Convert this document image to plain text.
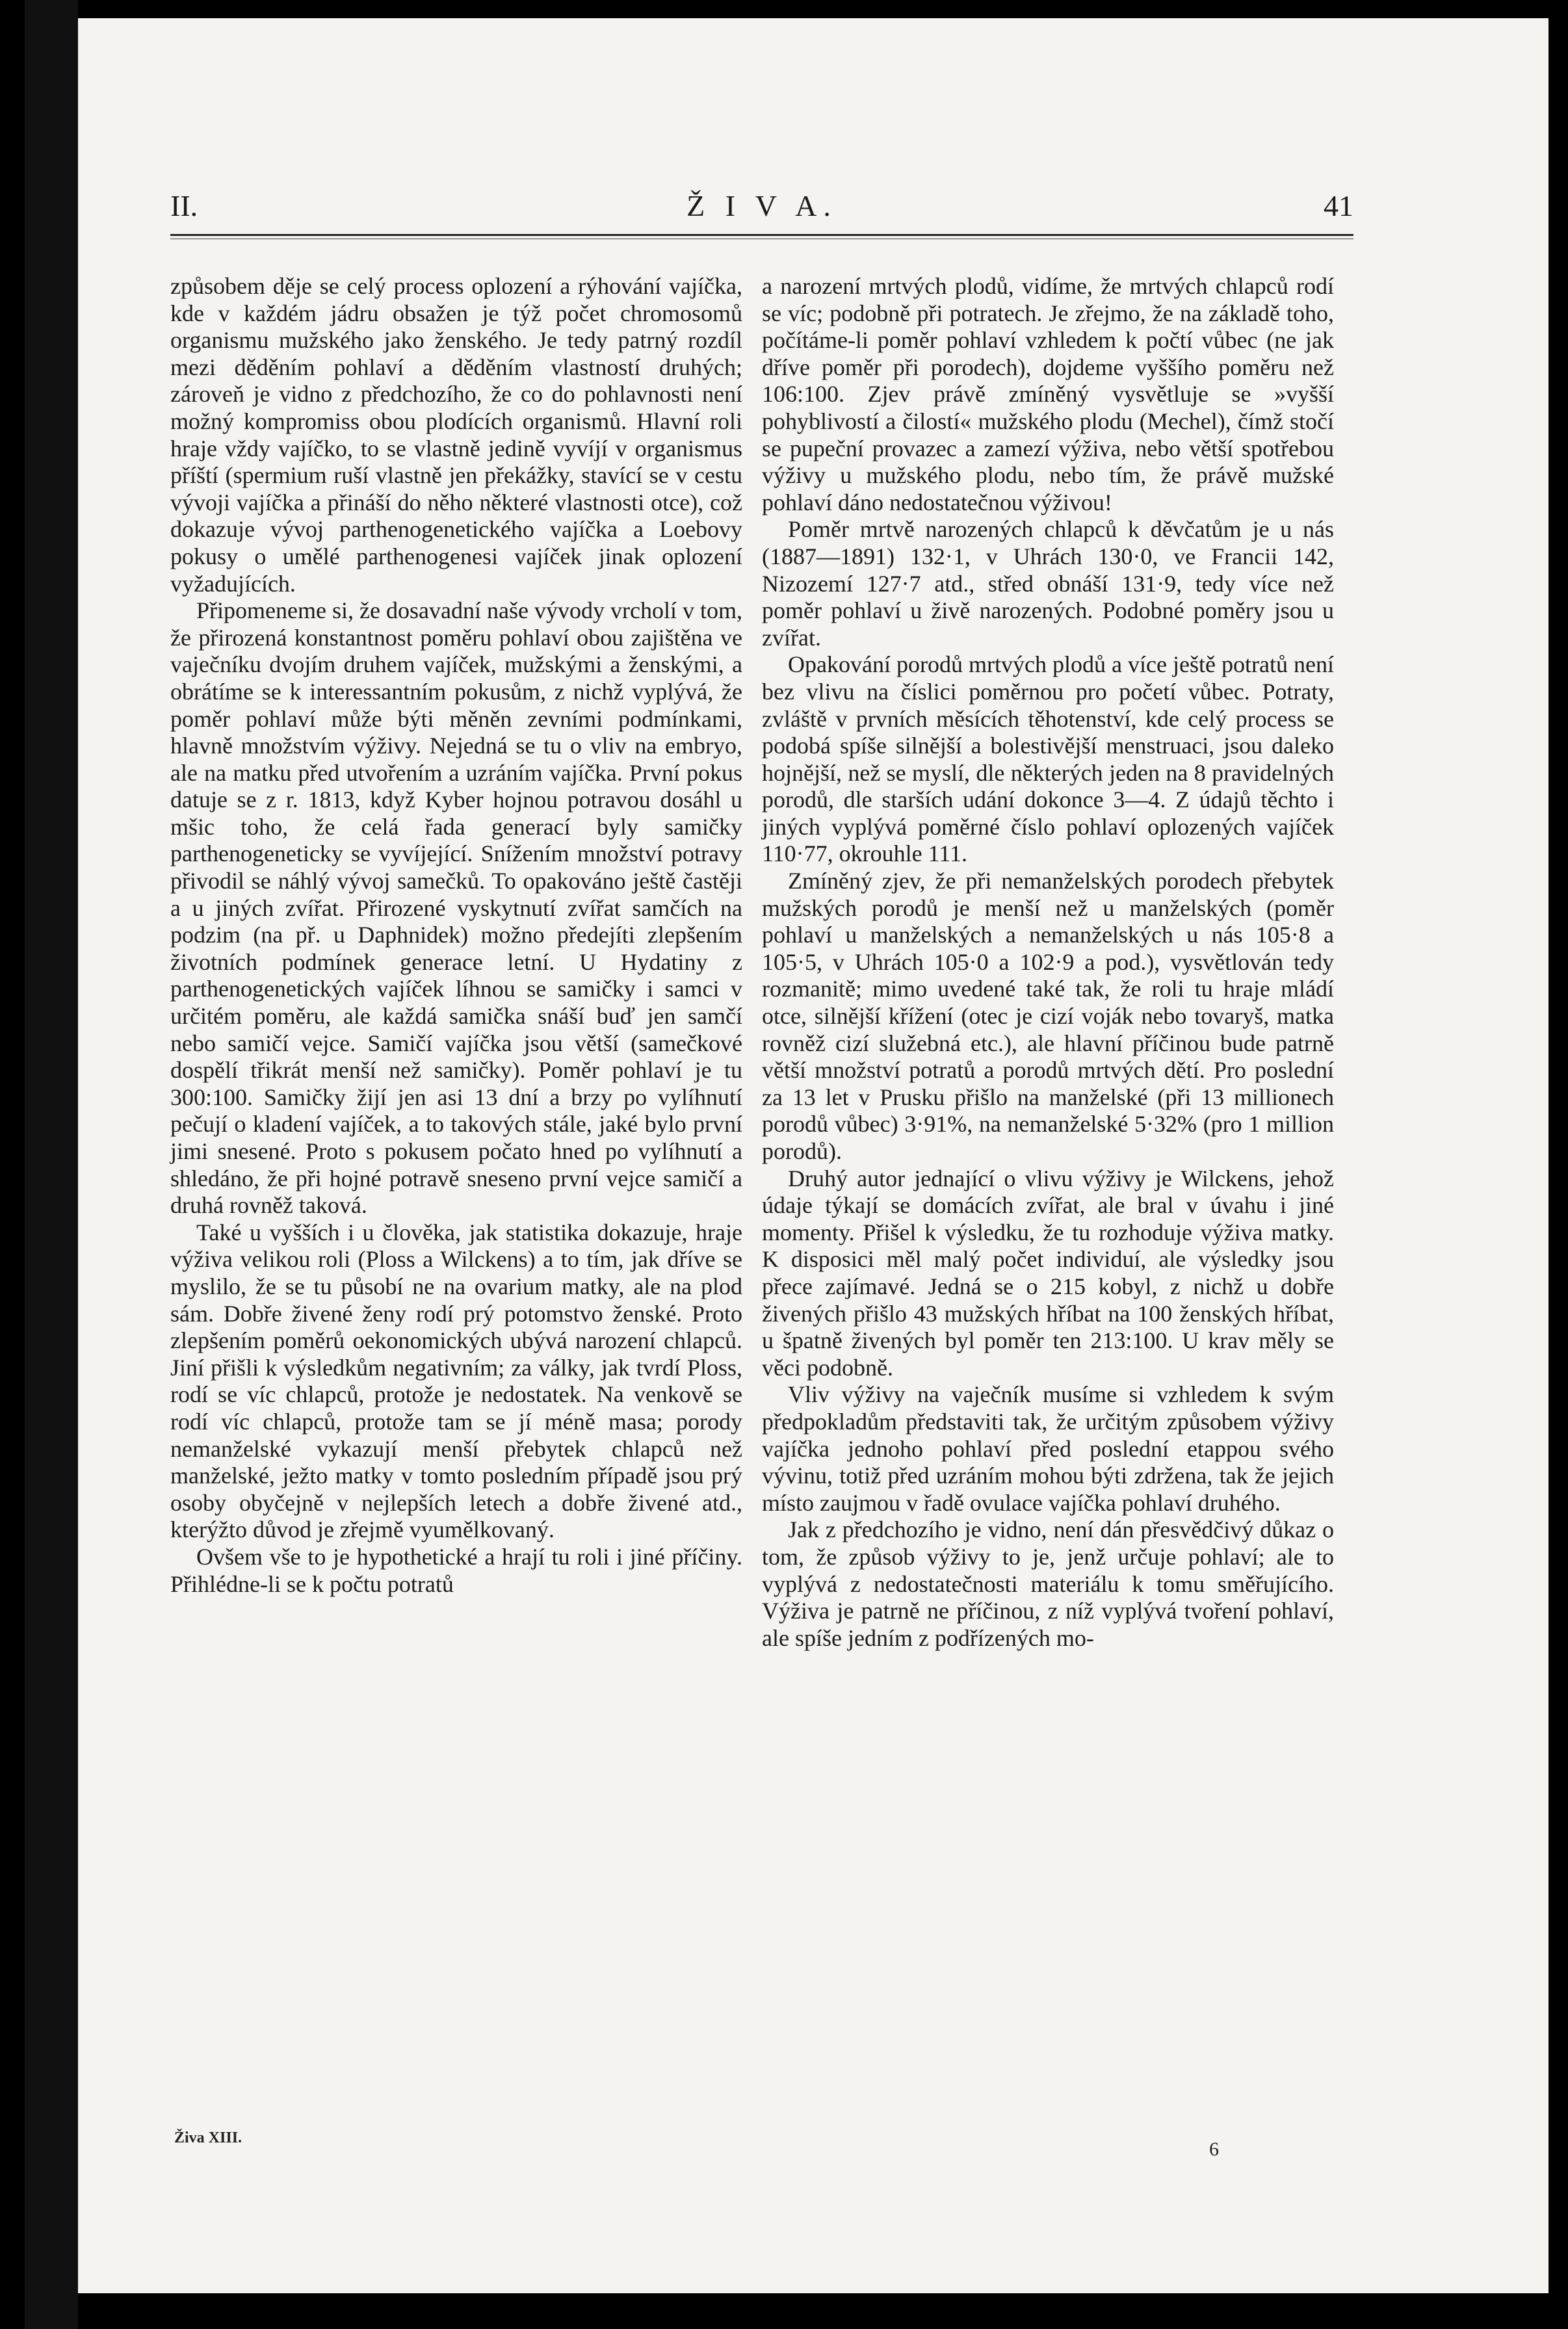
II.	Ž I V A.	41

způsobem děje se celý process oplození a rýhování vajíčka, kde v každém jádru obsažen je týž počet chromosomů organismu mužského jako ženského. Je tedy patrný rozdíl mezi děděním pohlaví a děděním vlastností druhých; zároveň je vidno z předchozího, že co do pohlavnosti není možný kompromiss obou plodících organismů. Hlavní roli hraje vždy vajíčko, to se vlastně jedině vyvíjí v organismus příští (spermium ruší vlastně jen překážky, stavící se v cestu vývoji vajíčka a přináší do něho některé vlastnosti otce), což dokazuje vývoj parthenogenetického vajíčka a Loebovy pokusy o umělé parthenogenesi vajíček jinak oplození vyžadujících.

Připomeneme si, že dosavadní naše vývody vrcholí v tom, že přirozená konstantnost poměru pohlaví obou zajištěna ve vaječníku dvojím druhem vajíček, mužskými a ženskými, a obrátíme se k interessantním pokusům, z nichž vyplývá, že poměr pohlaví může býti měněn zevními podmínkami, hlavně množstvím výživy. Nejedná se tu o vliv na embryo, ale na matku před utvořením a uzráním vajíčka. První pokus datuje se z r. 1813, když Kyber hojnou potravou dosáhl u mšic toho, že celá řada generací byly samičky parthenogeneticky se vyvíjející. Snížením množství potravy přivodil se náhlý vývoj samečků. To opakováno ještě častěji a u jiných zvířat. Přirozené vyskytnutí zvířat samčích na podzim (na př. u Daphnidek) možno předejíti zlepšením životních podmínek generace letní. U Hydatiny z parthenogenetických vajíček líhnou se samičky i samci v určitém poměru, ale každá samička snáší buď jen samčí nebo samičí vejce. Samičí vajíčka jsou větší (samečkové dospělí třikrát menší než samičky). Poměr pohlaví je tu 300:100. Samičky žijí jen asi 13 dní a brzy po vylíhnutí pečují o kladení vajíček, a to takových stále, jaké bylo první jimi snesené. Proto s pokusem počato hned po vylíhnutí a shledáno, že při hojné potravě sneseno první vejce samičí a druhá rovněž taková.

Také u vyšších i u člověka, jak statistika dokazuje, hraje výživa velikou roli (Ploss a Wilckens) a to tím, jak dříve se myslilo, že se tu působí ne na ovarium matky, ale na plod sám. Dobře živené ženy rodí prý potomstvo ženské. Proto zlepšením poměrů oekonomických ubývá narození chlapců. Jiní přišli k výsledkům negativním; za války, jak tvrdí Ploss, rodí se víc chlapců, protože je nedostatek. Na venkově se rodí víc chlapců, protože tam se jí méně masa; porody nemanželské vykazují menší přebytek chlapců než manželské, ježto matky v tomto posledním případě jsou prý osoby obyčejně v nejlepších letech a dobře živené atd., kterýžto důvod je zřejmě vyumělkovaný.

Ovšem vše to je hypothetické a hrají tu roli i jiné příčiny. Přihlédne-li se k počtu potratů

a narození mrtvých plodů, vidíme, že mrtvých chlapců rodí se víc; podobně při potratech. Je zřejmo, že na základě toho, počítáme-li poměr pohlaví vzhledem k počtí vůbec (ne jak dříve poměr při porodech), dojdeme vyššího poměru než 106:100. Zjev právě zmíněný vysvětluje se »vyšší pohyblivostí a čilostí« mužského plodu (Mechel), čímž stočí se pupeční provazec a zamezí výživa, nebo větší spotřebou výživy u mužského plodu, nebo tím, že právě mužské pohlaví dáno nedostatečnou výživou!

Poměr mrtvě narozených chlapců k děvčatům je u nás (1887—1891) 132·1, v Uhrách 130·0, ve Francii 142, Nizozemí 127·7 atd., střed obnáší 131·9, tedy více než poměr pohlaví u živě narozených. Podobné poměry jsou u zvířat.

Opakování porodů mrtvých plodů a více ještě potratů není bez vlivu na číslici poměrnou pro početí vůbec. Potraty, zvláště v prvních měsících těhotenství, kde celý process se podobá spíše silnější a bolestivější menstruaci, jsou daleko hojnější, než se myslí, dle některých jeden na 8 pravidelných porodů, dle starších udání dokonce 3—4. Z údajů těchto i jiných vyplývá poměrné číslo pohlaví oplozených vajíček 110·77, okrouhle 111.

Zmíněný zjev, že při nemanželských porodech přebytek mužských porodů je menší než u manželských (poměr pohlaví u manželských a nemanželských u nás 105·8 a 105·5, v Uhrách 105·0 a 102·9 a pod.), vysvětlován tedy rozmanitě; mimo uvedené také tak, že roli tu hraje mládí otce, silnější křížení (otec je cizí voják nebo tovaryš, matka rovněž cizí služebná etc.), ale hlavní příčinou bude patrně větší množství potratů a porodů mrtvých dětí. Pro poslední za 13 let v Prusku přišlo na manželské (při 13 millionech porodů vůbec) 3·91%, na nemanželské 5·32% (pro 1 million porodů).

Druhý autor jednající o vlivu výživy je Wilckens, jehož údaje týkají se domácích zvířat, ale bral v úvahu i jiné momenty. Přišel k výsledku, že tu rozhoduje výživa matky. K disposici měl malý počet individuí, ale výsledky jsou přece zajímavé. Jedná se o 215 kobyl, z nichž u dobře živených přišlo 43 mužských hříbat na 100 ženských hříbat, u špatně živených byl poměr ten 213:100. U krav měly se věci podobně.

Vliv výživy na vaječník musíme si vzhledem k svým předpokladům představiti tak, že určitým způsobem výživy vajíčka jednoho pohlaví před poslední etappou svého vývinu, totiž před uzráním mohou býti zdržena, tak že jejich místo zaujmou v řadě ovulace vajíčka pohlaví druhého.

Jak z předchozího je vidno, není dán přesvědčivý důkaz o tom, že způsob výživy to je, jenž určuje pohlaví; ale to vyplývá z nedostatečnosti materiálu k tomu směřujícího. Výživa je patrně ne příčinou, z níž vyplývá tvoření pohlaví, ale spíše jedním z podřízených mo-

Živa XIII.
6
